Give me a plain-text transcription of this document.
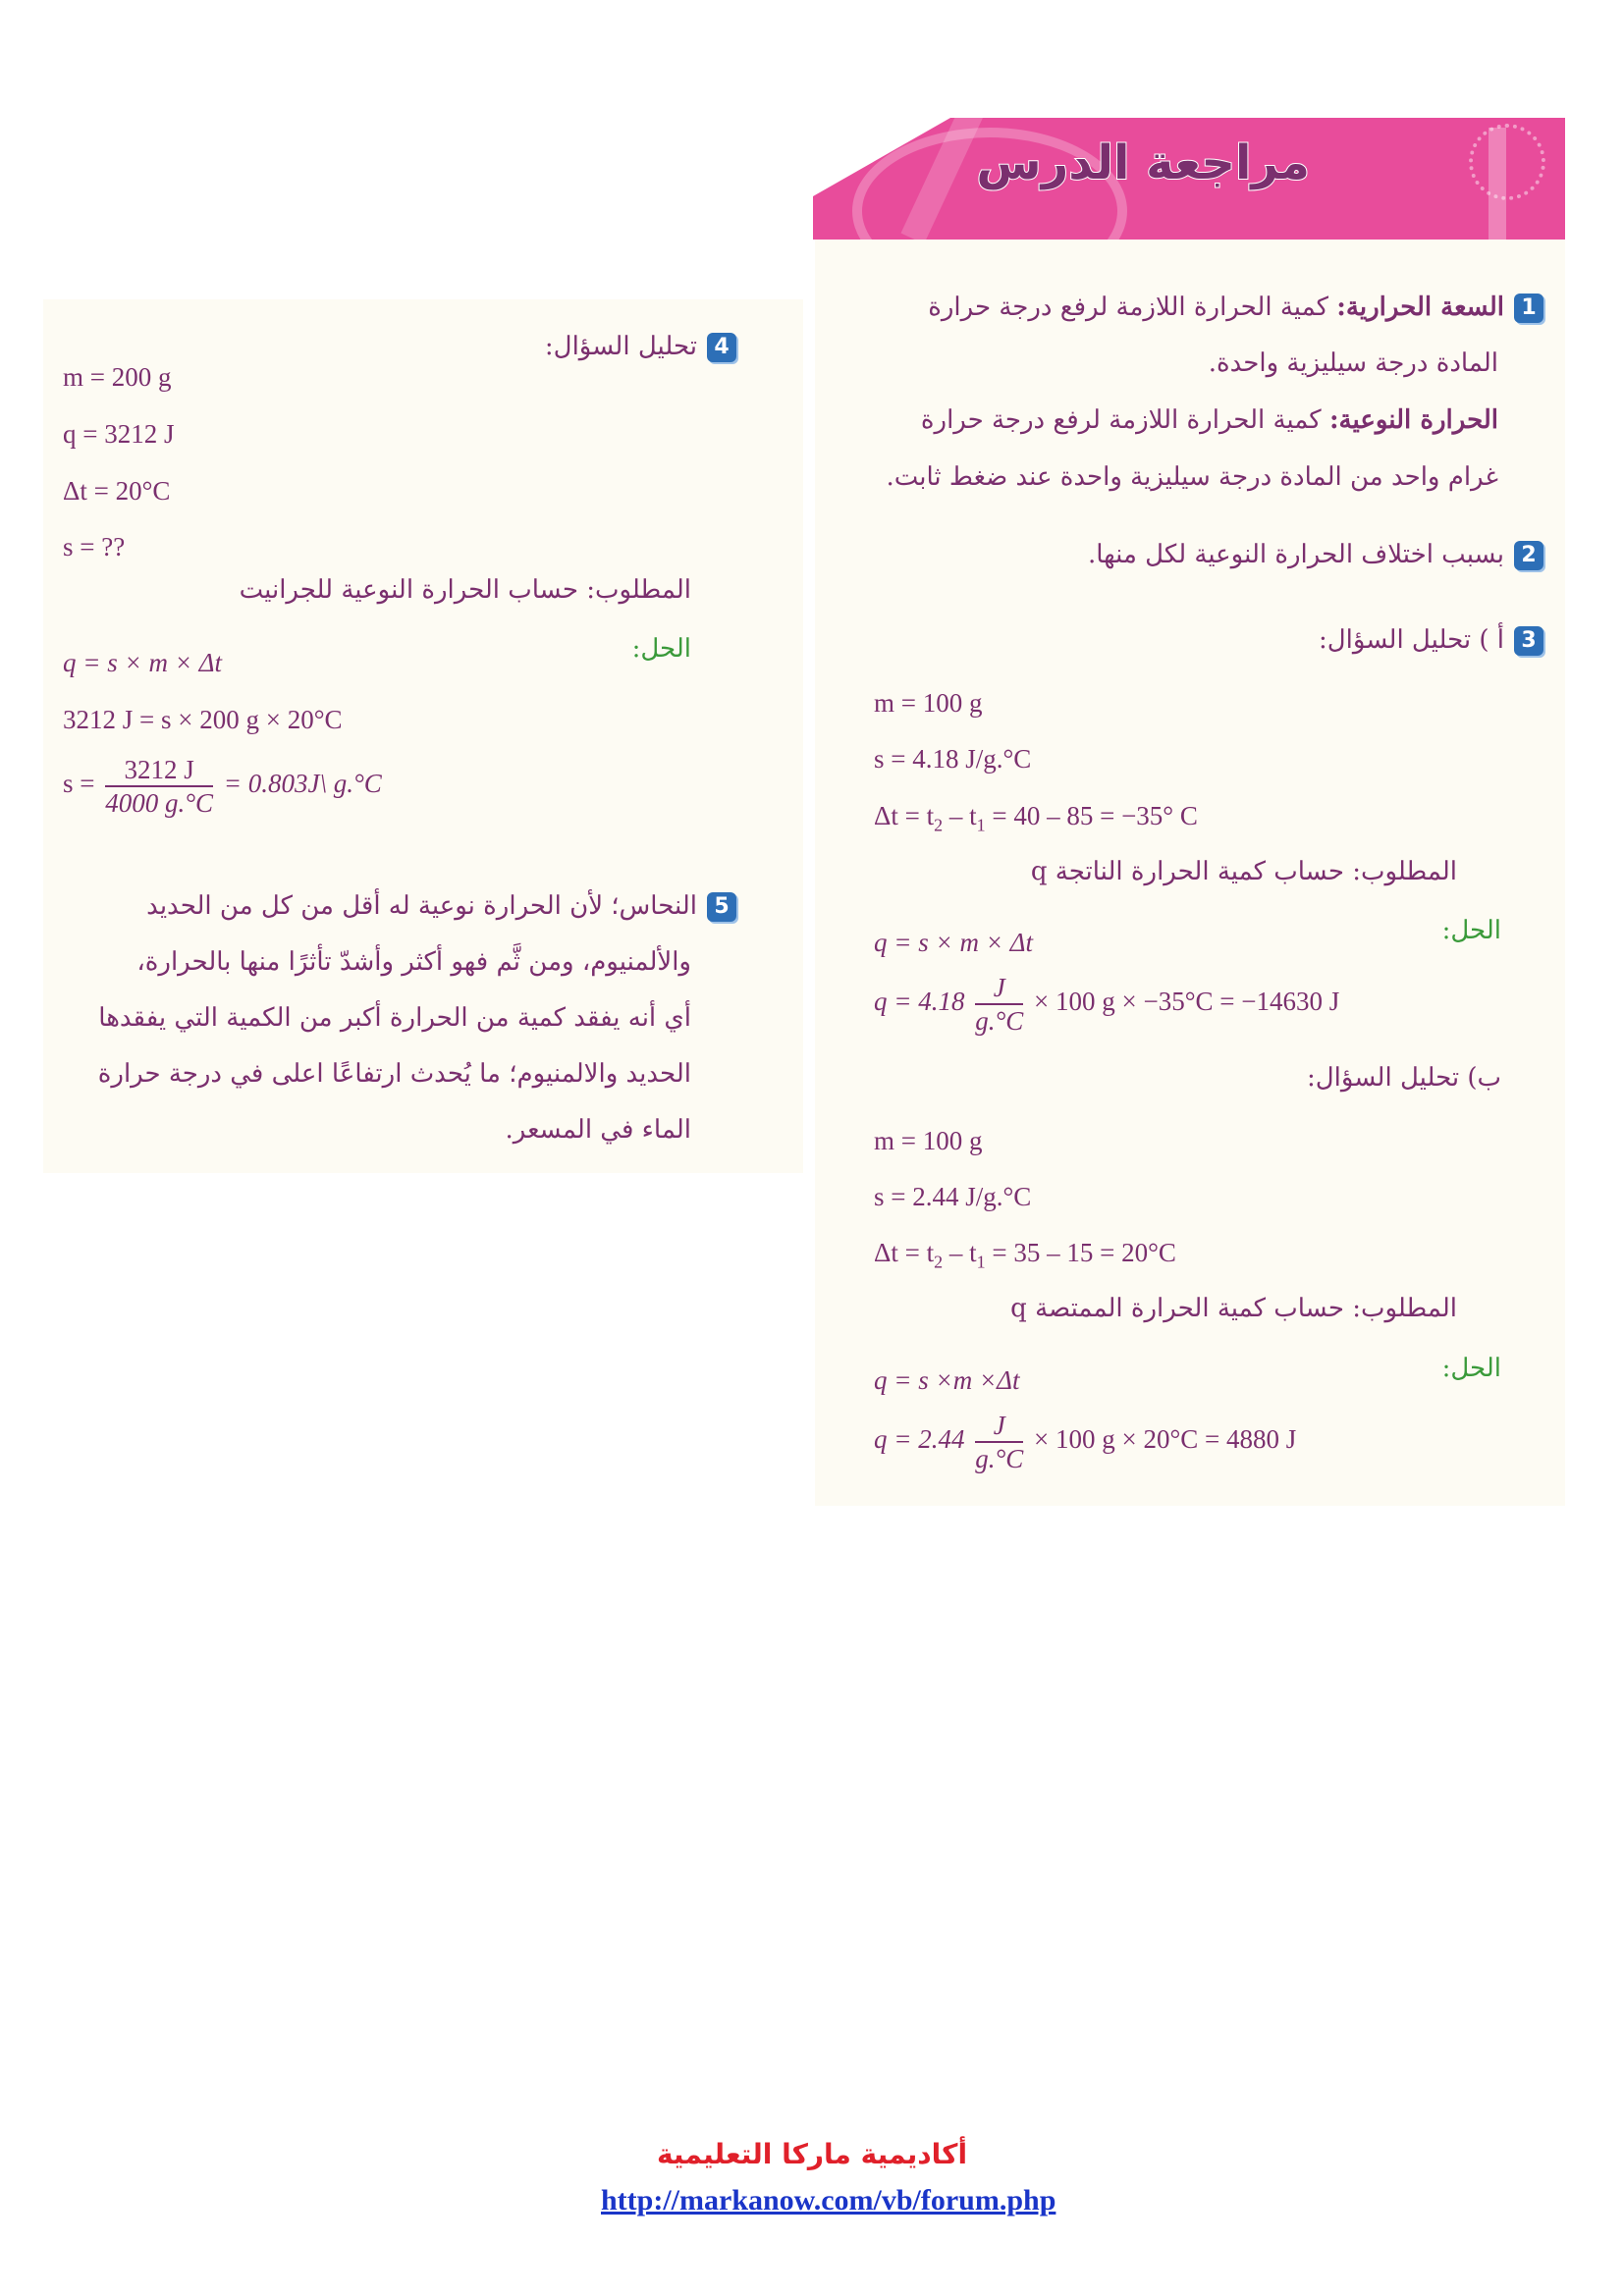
مراجعة الدرس
1السعة الحرارية: كمية الحرارة اللازمة لرفع درجة حرارة
المادة درجة سيليزية واحدة.
الحرارة النوعية: كمية الحرارة اللازمة لرفع درجة حرارة
غرام واحد من المادة درجة سيليزية واحدة عند ضغط ثابت.
2بسبب اختلاف الحرارة النوعية لكل منها.
3أ ) تحليل السؤال:
m = 100 g
s = 4.18 J/g.°C
$\Delta t = t_2 - t_1 = 40 - 85 = -35^\circ$ C
المطلوب: حساب كمية الحرارة الناتجة q
الحل:
q = s × m × Δt
$q = 4.18 \frac{J}{g.^\circ C} \times 100$ g × −35°C = −14630 J
ب) تحليل السؤال:
m = 100 g
s = 2.44 J/g.°C
$\Delta t = t_2 - t_1 = 35 - 15 = 20^\circ C$
المطلوب: حساب كمية الحرارة الممتصة q
الحل:
q = s ×m ×Δt
$q = 2.44 \frac{J}{g.^\circ C} \times 100$ g × 20°C = 4880 J
4تحليل السؤال:
m = 200 g
q = 3212 J
Δt = 20°C
s = ??
المطلوب: حساب الحرارة النوعية للجرانيت
الحل:
q = s × m × Δt
3212 J = s × 200 g × 20°C
$s = \frac{3212 J}{4000 g.^\circ C}$ = 0.803J\ g.°C
5النحاس؛ لأن الحرارة نوعية له أقل من كل من الحديد
والألمنيوم، ومن ثَّم فهو أكثر وأشدّ تأثرًا منها بالحرارة،
أي أنه يفقد كمية من الحرارة أكبر من الكمية التي يفقدها
الحديد والالمنيوم؛ ما يُحدث ارتفاعًا اعلى في درجة حرارة
الماء في المسعر.
أكاديمية ماركا التعليمية
http://markanow.com/vb/forum.php
